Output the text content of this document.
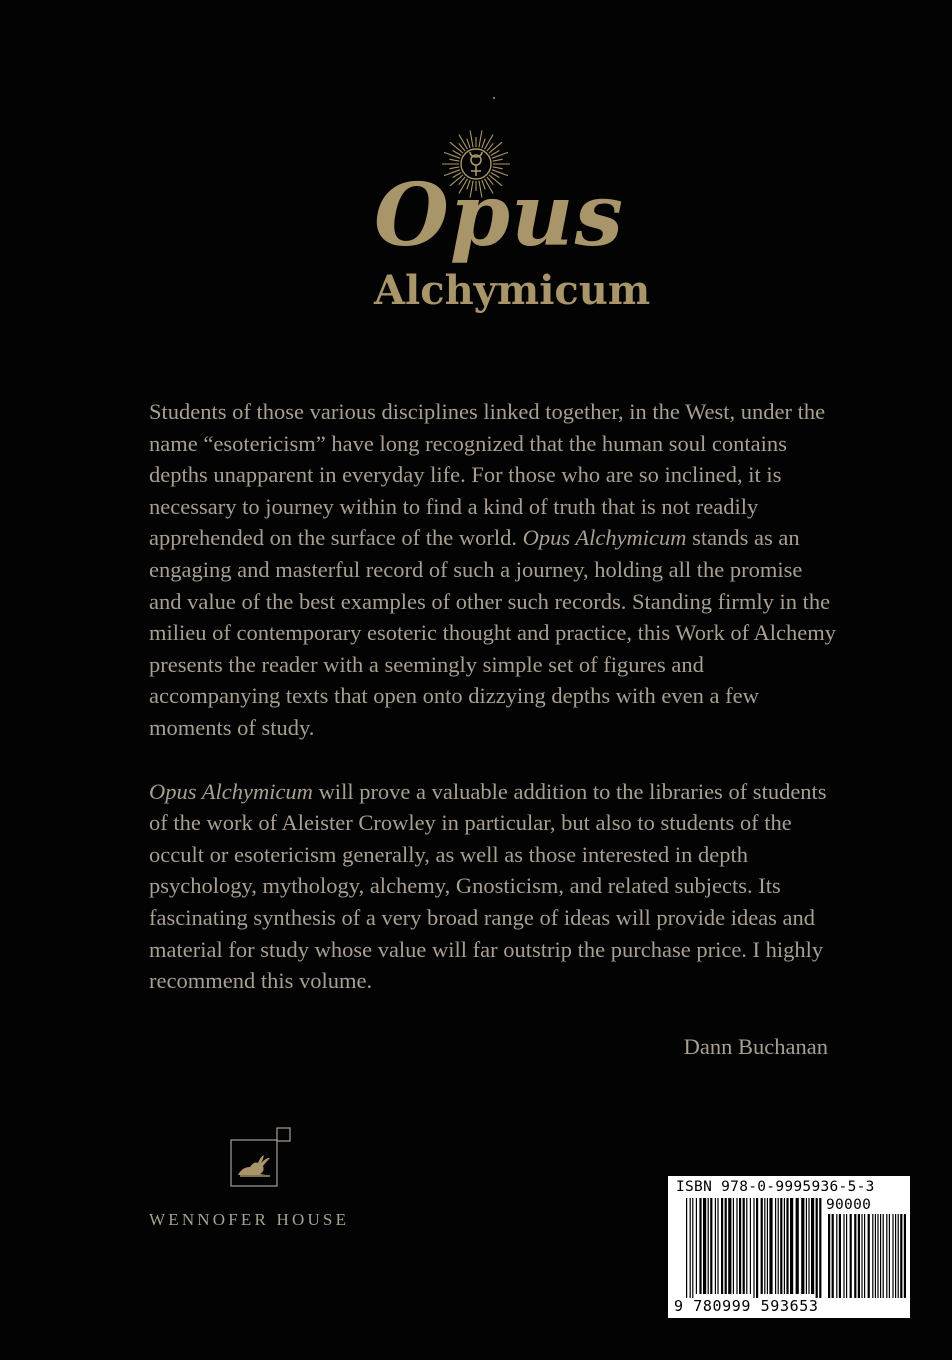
Opus
Alchymicum

Students of those various disciplines linked together, in the West, under the name “esotericism” have long recognized that the human soul contains depths unapparent in everyday life. For those who are so inclined, it is necessary to journey within to find a kind of truth that is not readily apprehended on the surface of the world. Opus Alchymicum stands as an engaging and masterful record of such a journey, holding all the promise and value of the best examples of other such records. Standing firmly in the milieu of contemporary esoteric thought and practice, this Work of Alchemy presents the reader with a seemingly simple set of figures and accompanying texts that open onto dizzying depths with even a few moments of study.

Opus Alchymicum will prove a valuable addition to the libraries of students of the work of Aleister Crowley in particular, but also to students of the occult or esotericism generally, as well as those interested in depth psychology, mythology, alchemy, Gnosticism, and related subjects. Its fascinating synthesis of a very broad range of ideas will provide ideas and material for study whose value will far outstrip the purchase price. I highly recommend this volume.

Dann Buchanan
WENNOFER HOUSE
ISBN 978-0-9995936-5-3
90000
9 780999 593653
